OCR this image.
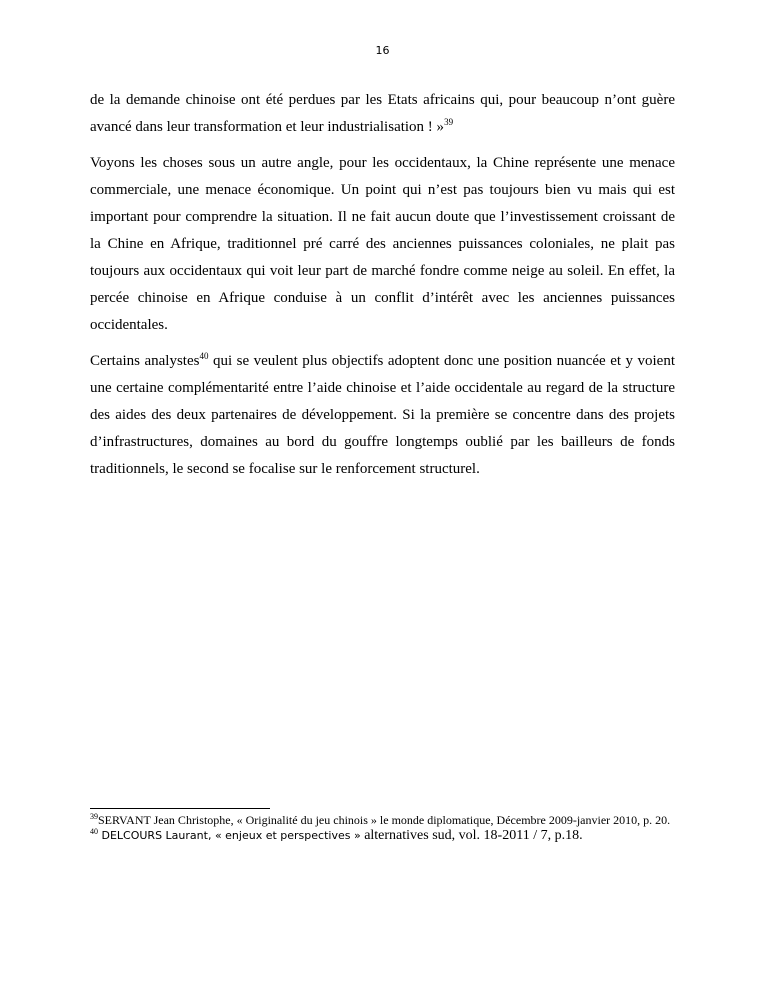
16

de la demande chinoise ont été perdues par les Etats africains qui, pour beaucoup n’ont guère avancé dans leur transformation et leur industrialisation ! »$^{39}$

Voyons les choses sous un autre angle, pour les occidentaux, la Chine représente une menace commerciale, une menace économique. Un point qui n’est pas toujours bien vu mais qui est important pour comprendre la situation. Il ne fait aucun doute que l’investissement croissant de la Chine en Afrique, traditionnel pré carré des anciennes puissances coloniales, ne plait pas toujours aux occidentaux qui voit leur part de marché fondre comme neige au soleil. En effet, la percée chinoise en Afrique conduise à un conflit d’intérêt avec les anciennes puissances occidentales.

Certains analystes$^{40}$ qui se veulent plus objectifs adoptent donc une position nuancée et y voient une certaine complémentarité entre l’aide chinoise et l’aide occidentale au regard de la structure des aides des deux partenaires de développement. Si la première se concentre dans des projets d’infrastructures, domaines au bord du gouffre longtemps oublié par les bailleurs de fonds traditionnels, le second se focalise sur le renforcement structurel.

$^{39}$SERVANT Jean Christophe, « Originalité du jeu chinois » le monde diplomatique, Décembre 2009-janvier 2010, p. 20.

$^{40}$ DELCOURS Laurant, « enjeux et perspectives » alternatives sud, vol. 18-2011 / 7, p.18.
